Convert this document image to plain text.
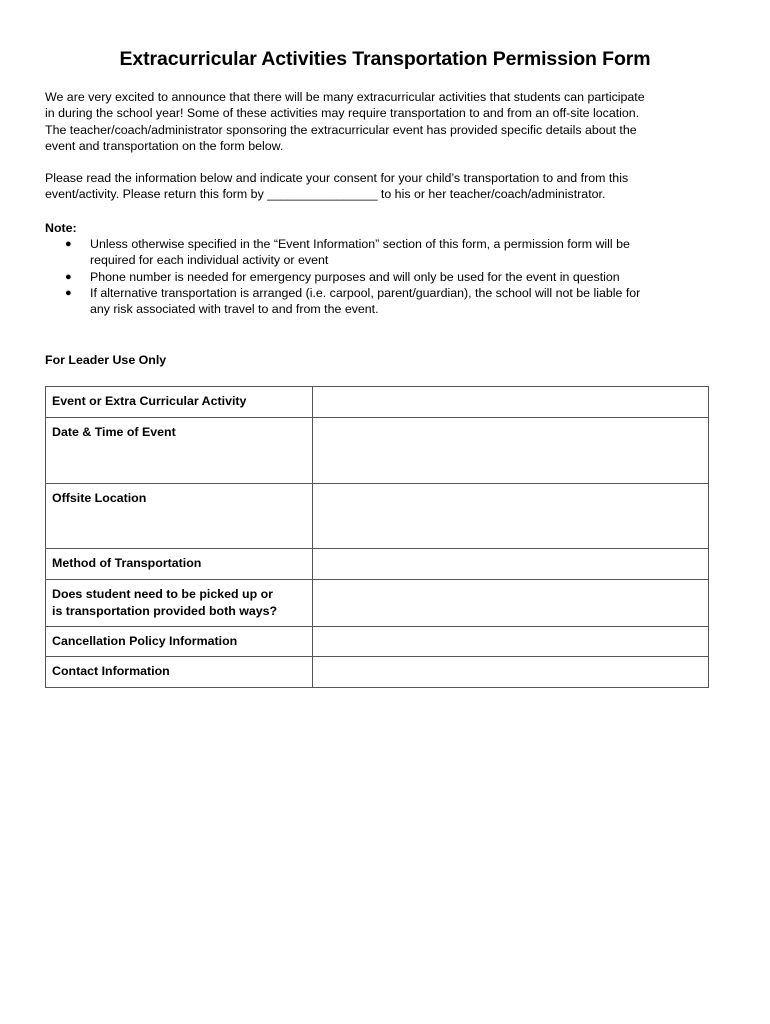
Extracurricular Activities Transportation Permission Form

We are very excited to announce that there will be many extracurricular activities that students can participate
in during the school year! Some of these activities may require transportation to and from an off-site location.
The teacher/coach/administrator sponsoring the extracurricular event has provided specific details about the
event and transportation on the form below.

Please read the information below and indicate your consent for your child’s transportation to and from this
event/activity. Please return this form by ________________ to his or her teacher/coach/administrator.

Note:
● Unless otherwise specified in the “Event Information” section of this form, a permission form will be
required for each individual activity or event
● Phone number is needed for emergency purposes and will only be used for the event in question
● If alternative transportation is arranged (i.e. carpool, parent/guardian), the school will not be liable for
any risk associated with travel to and from the event.
For Leader Use Only
Event or Extra Curricular Activity	

Date & Time of Event	

Offsite Location	

Method of Transportation	

Does student need to be picked up or
is transportation provided both ways?	

Cancellation Policy Information	

Contact Information	
